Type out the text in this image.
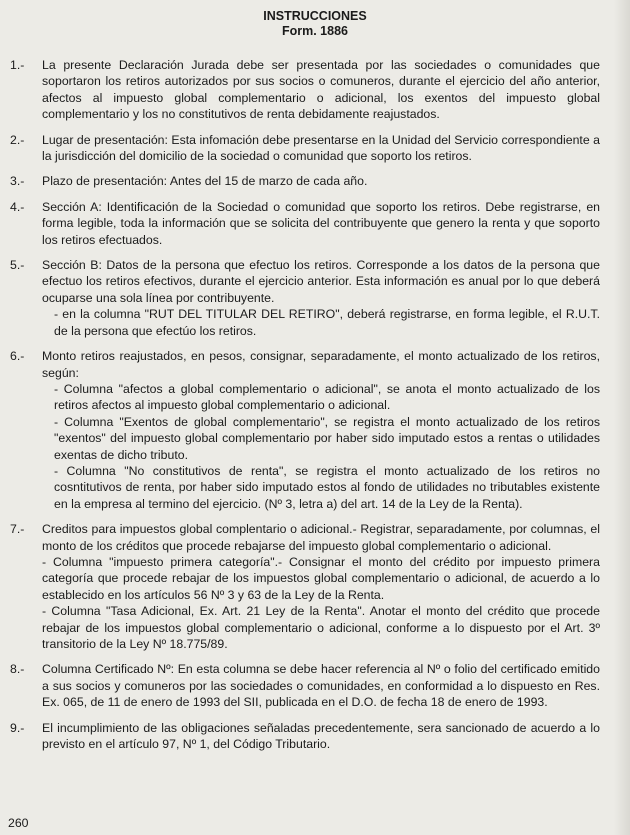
INSTRUCCIONES
Form. 1886
1.-	La presente Declaración Jurada debe ser presentada por las sociedades o comunidades que soportaron los retiros autorizados por sus socios o comuneros, durante el ejercicio del año anterior, afectos al impuesto global complementario o adicional, los exentos del impuesto global complementario y los no constitutivos de renta debidamente reajustados.

2.-	Lugar de presentación: Esta infomación debe presentarse en la Unidad del Servicio correspondiente a la jurisdicción del domicilio de la sociedad o comunidad que soporto los retiros.

3.-	Plazo de presentación: Antes del 15 de marzo de cada año.

4.-	Sección A: Identificación de la Sociedad o comunidad que soporto los retiros. Debe registrarse, en forma legible, toda la información que se solicita del contribuyente que genero la renta y que soporto los retiros efectuados.

5.-	Sección B: Datos de la persona que efectuo los retiros. Corresponde a los datos de la persona que efectuo los retiros efectivos, durante el ejercicio anterior. Esta información es anual por lo que deberá ocuparse una sola línea por contribuyente.

- en la columna "RUT DEL TITULAR DEL RETIRO", deberá registrarse, en forma legible, el R.U.T. de la persona que efectúo los retiros.

6.-	Monto retiros reajustados, en pesos, consignar, separadamente, el monto actualizado de los retiros, según:

- Columna "afectos a global complementario o adicional", se anota el monto actualizado de los retiros afectos al impuesto global complementario o adicional.

- Columna "Exentos de global complementario", se registra el monto actualizado de los retiros "exentos" del impuesto global complementario por haber sido imputado estos a rentas o utilidades exentas de dicho tributo.

- Columna "No constitutivos de renta", se registra el monto actualizado de los retiros no cosntitutivos de renta, por haber sido imputado estos al fondo de utilidades no tributables existente en la empresa al termino del ejercicio. (Nº 3, letra a) del art. 14 de la Ley de la Renta).

7.-	Creditos para impuestos global complentario o adicional.- Registrar, separadamente, por columnas, el monto de los créditos que procede rebajarse del impuesto global complementario o adicional.

- Columna "impuesto primera categoría".- Consignar el monto del crédito por impuesto primera categoría que procede rebajar de los impuestos global complementario o adicional, de acuerdo a lo establecido en los artículos 56 Nº 3 y 63 de la Ley de la Renta.

- Columna "Tasa Adicional, Ex. Art. 21 Ley de la Renta". Anotar el monto del crédito que procede rebajar de los impuestos global complementario o adicional, conforme a lo dispuesto por el Art. 3º transitorio de la Ley Nº 18.775/89.

8.-	Columna Certificado Nº: En esta columna se debe hacer referencia al Nº o folio del certificado emitido a sus socios y comuneros por las sociedades o comunidades, en conformidad a lo dispuesto en Res. Ex. 065, de 11 de enero de 1993 del SII, publicada en el D.O. de fecha 18 de enero de 1993.

9.-	El incumplimiento de las obligaciones señaladas precedentemente, sera sancionado de acuerdo a lo previsto en el artículo 97, Nº 1, del Código Tributario.

260
